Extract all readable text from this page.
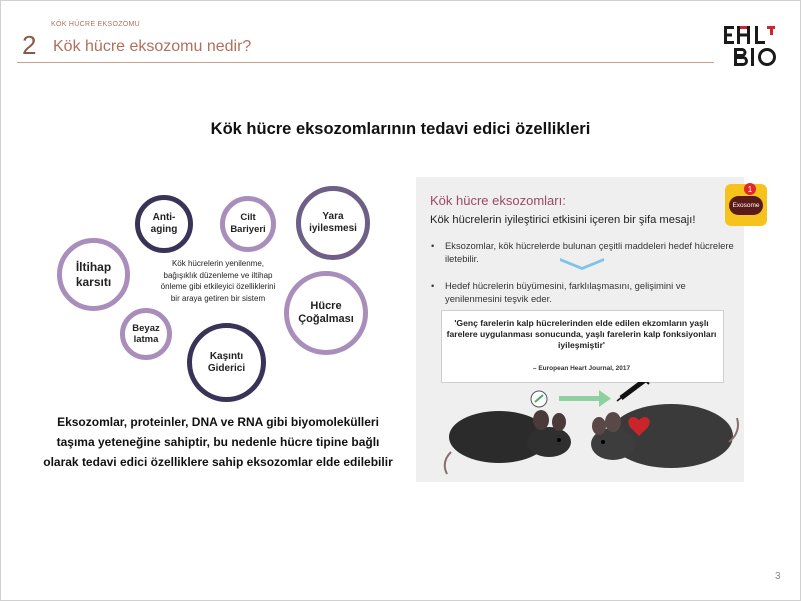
KÖK HÜCRE EKSOZOMU
2 Kök hücre eksozomu nedir?
Kök hücre eksozomlarının tedavi edici özellikleri
İltihap karsıtı
Anti-aging
Cilt Bariyeri
Yara iyilesmesi
Hücre Çoğalması
Kaşıntı Giderici
Beyaz latma
Kök hücrelerin yenilenme, bağışıklık düzenleme ve iltihap önleme gibi etkileyici özelliklerini bir araya getiren bir sistem
Eksozomlar, proteinler, DNA ve RNA gibi biyomolekülleri taşıma yeteneğine sahiptir, bu nedenle hücre tipine bağlı olarak tedavi edici özelliklere sahip eksozomlar elde edilebilir
Kök hücre eksozomları:
Kök hücrelerin iyileştirici etkisini içeren bir şifa mesajı!
Exosome
1
• Eksozomlar, kök hücrelerde bulunan çeşitli maddeleri hedef hücrelere iletebilir.
• Hedef hücrelerin büyümesini, farklılaşmasını, gelişimini ve yenilenmesini teşvik eder.
'Genç farelerin kalp hücrelerinden elde edilen ekzomların yaşlı farelere uygulanması sonucunda, yaşlı farelerin kalp fonksiyonları iyileşmiştir'
– European Heart Journal, 2017
3
